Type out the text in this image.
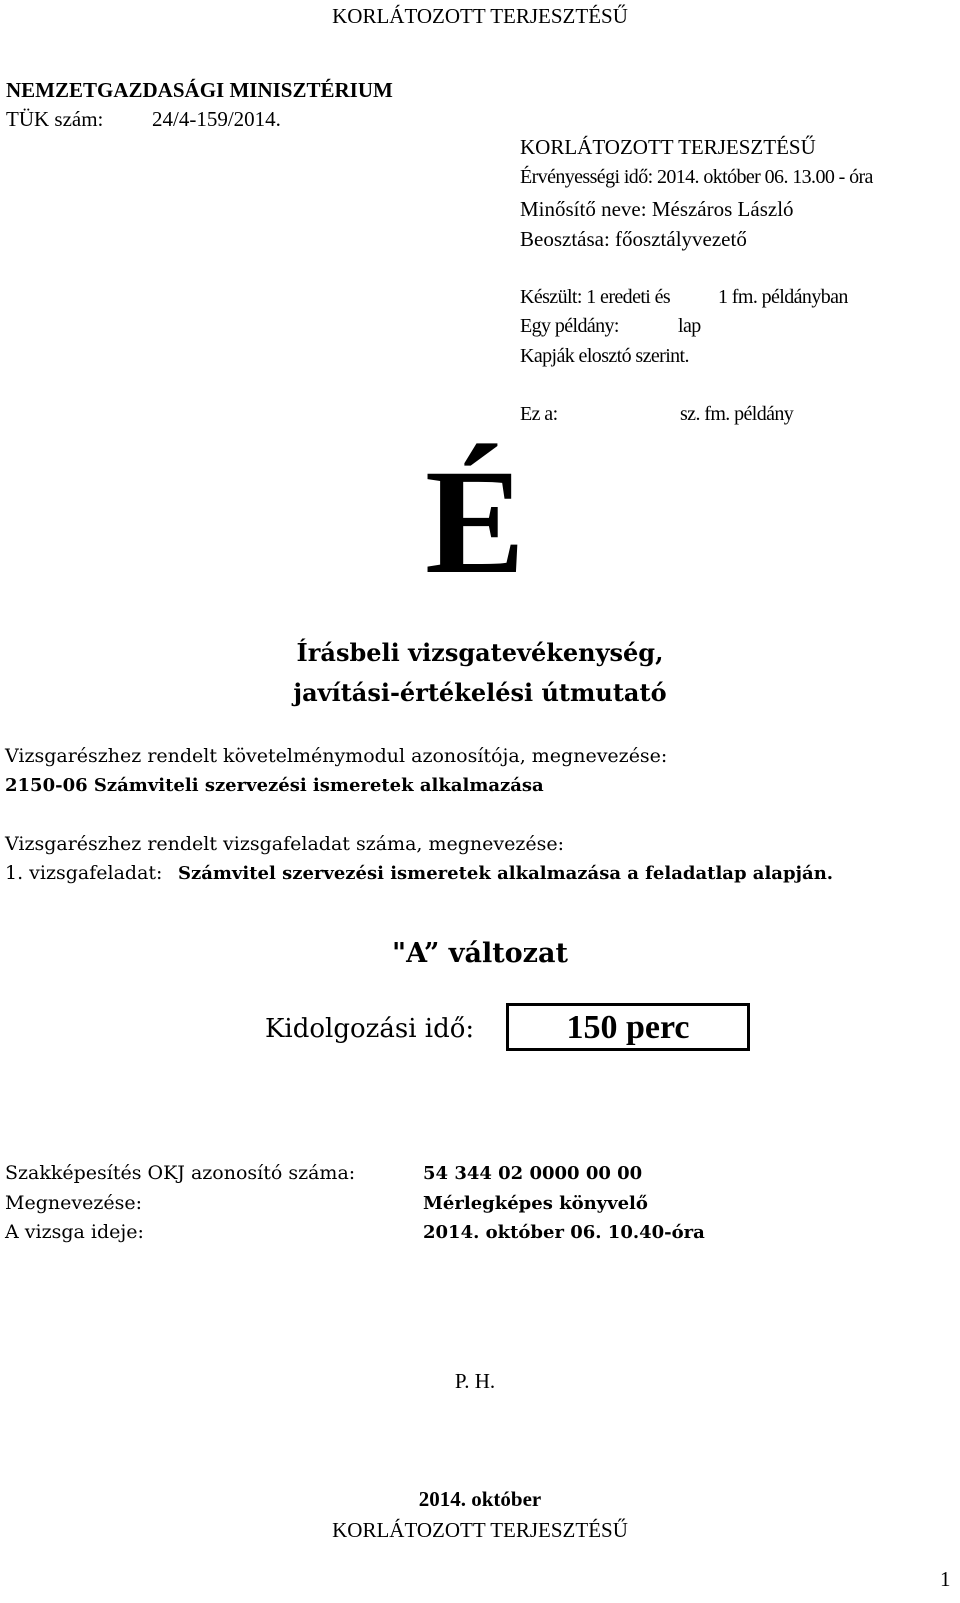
KORLÁTOZOTT TERJESZTÉSŰ
NEMZETGAZDASÁGI MINISZTÉRIUM
TÜK szám: 24/4-159/2014.
KORLÁTOZOTT TERJESZTÉSŰ
Érvényességi idő: 2014. október 06. 13.00 - óra
Minősítő neve: Mészáros László
Beosztása: főosztályvezető
Készült: 1 eredeti és 1 fm. példányban
Egy példány:	lap
Kapják elosztó szerint.
Ez a:	sz. fm. példány
É
Írásbeli vizsgatevékenység,
javítási-értékelési útmutató
Vizsgarészhez rendelt követelménymodul azonosítója, megnevezése:
2150-06 Számviteli szervezési ismeretek alkalmazása
Vizsgarészhez rendelt vizsgafeladat száma, megnevezése:
1. vizsgafeladat: Számvitel szervezési ismeretek alkalmazása a feladatlap alapján.
"A” változat
Kidolgozási idő:	150 perc
Szakképesítés OKJ azonosító száma:	54 344 02 0000 00 00
Megnevezése:	Mérlegképes könyvelő
A vizsga ideje:	2014. október 06. 10.40-óra
P. H.
2014. október
KORLÁTOZOTT TERJESZTÉSŰ
1
